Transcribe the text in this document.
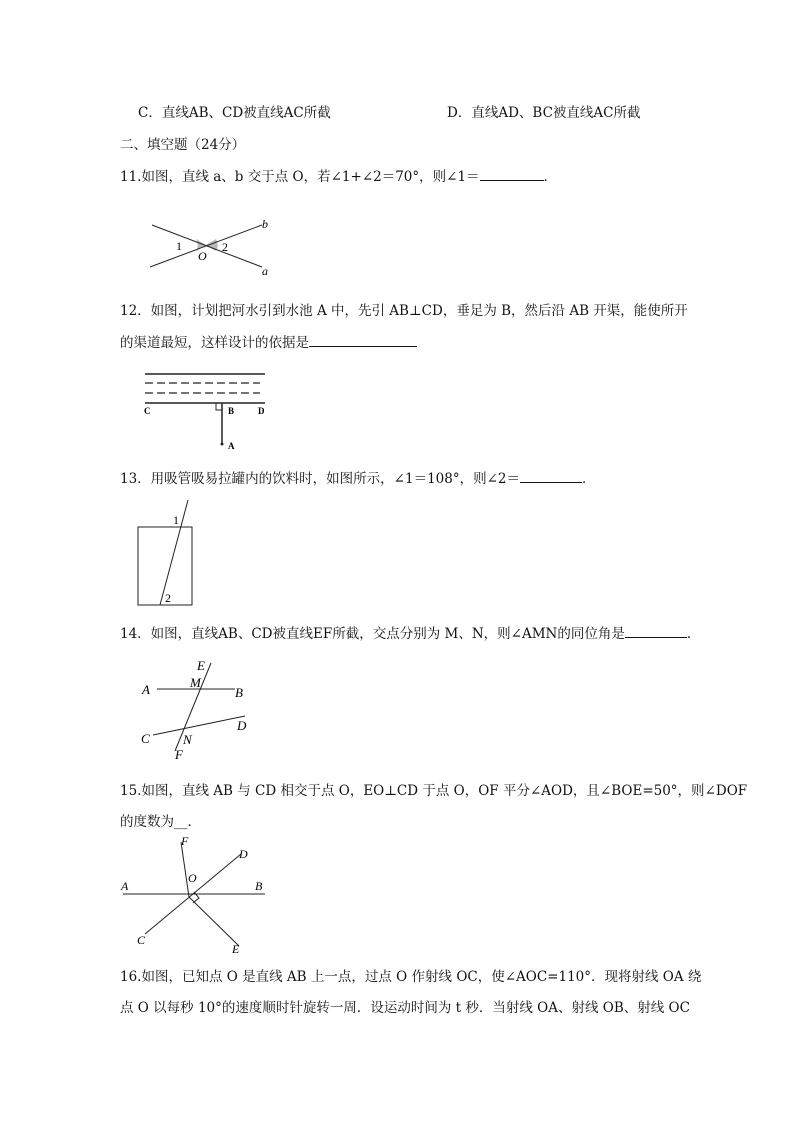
C．直线AB、CD被直线AC所截	D．直线AD、BC被直线AC所截
二、填空题（24分）
11.如图，直线 a、b 交于点 O，若∠1+∠2＝70°，则∠1＝	．
b
a
1	2
O
12．如图，计划把河水引到水池 A 中，先引 AB⊥CD，垂足为 B，然后沿 AB 开渠，能使所开
的渠道最短，这样设计的依据是
C	B	D
A
13．用吸管吸易拉罐内的饮料时，如图所示，∠1＝108°，则∠2＝	．
1
2
14．如图，直线AB、CD被直线EF所截，交点分别为 M、N，则∠AMN的同位角是	．
E
M
A	B
D
C	N
F
15.如图，直线 AB 与 CD 相交于点 O，EO⊥CD 于点 O，OF 平分∠AOD，且∠BOE=50°，则∠DOF
的度数为__．
F
D
O
A	B
C
E
16.如图，已知点 O 是直线 AB 上一点，过点 O 作射线 OC，使∠AOC=110°．现将射线 OA 绕
点 O 以每秒 10°的速度顺时针旋转一周．设运动时间为 t 秒．当射线 OA、射线 OB、射线 OC
